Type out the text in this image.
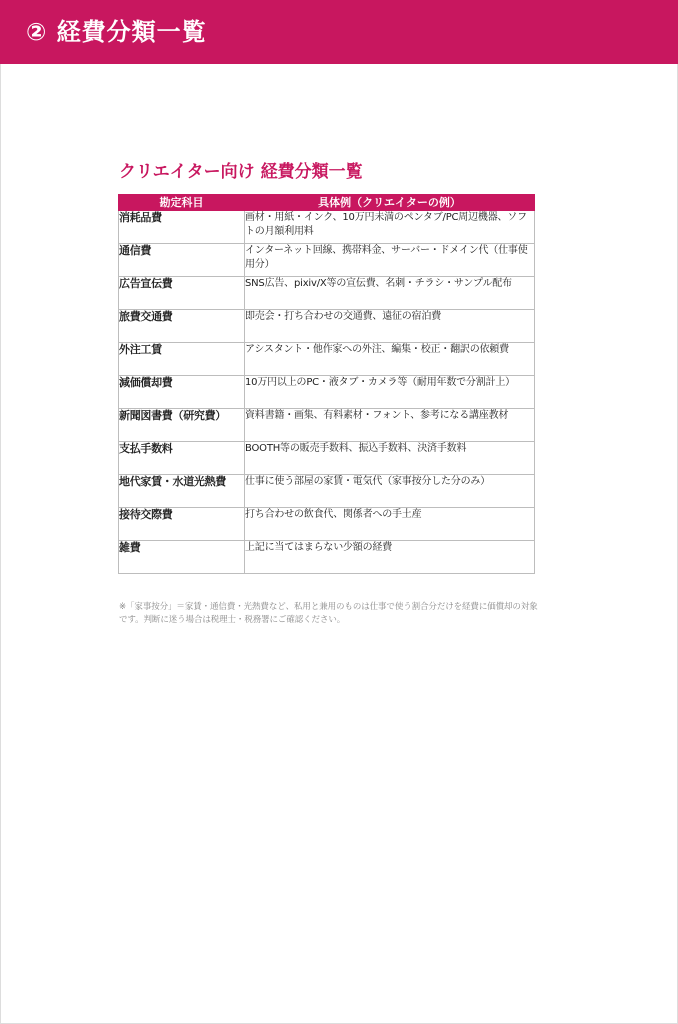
② 経費分類一覧
クリエイター向け 経費分類一覧
勘定科目	具体例（クリエイターの例）
消耗品費	画材・用紙・インク、10万円未満のペンタブ/PC周辺機器、ソフトの月額利用料
通信費	インターネット回線、携帯料金、サーバー・ドメイン代（仕事使用分）
広告宣伝費	SNS広告、pixiv/X等の宣伝費、名刺・チラシ・サンプル配布
旅費交通費	即売会・打ち合わせの交通費、遠征の宿泊費
外注工賃	アシスタント・他作家への外注、編集・校正・翻訳の依頼費
減価償却費	10万円以上のPC・液タブ・カメラ等（耐用年数で分割計上）
新聞図書費（研究費）	資料書籍・画集、有料素材・フォント、参考になる講座教材
支払手数料	BOOTH等の販売手数料、振込手数料、決済手数料
地代家賃・水道光熱費	仕事に使う部屋の家賃・電気代（家事按分した分のみ）
接待交際費	打ち合わせの飲食代、関係者への手土産
雑費	上記に当てはまらない少額の経費
※「家事按分」＝家賃・通信費・光熱費など、私用と兼用のものは仕事で使う割合分だけを経費に価償却の対象です。判断に迷う場合は税理士・税務署にご確認ください。
